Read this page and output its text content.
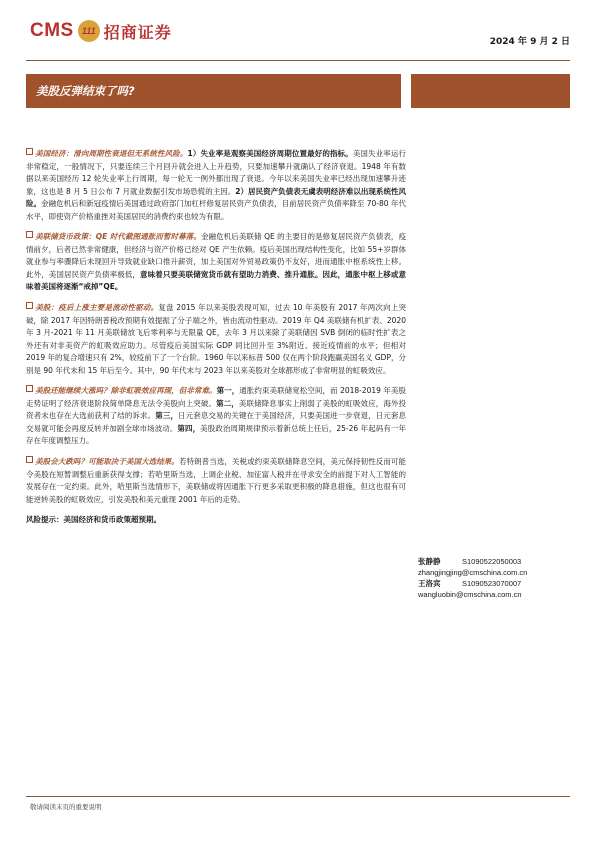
CMS 111 招商证券
2024 年 9 月 2 日
美股反弹结束了吗?

美国经济：滑向周期性衰退但无系统性风险。1）失业率是观察美国经济周期位置最好的指标。美国失业率运行非常稳定，一般情况下，只要连续三个月回升就会进入上升趋势，只要加速攀升就确认了经济衰退。1948 年有数据以来美国经历 12 轮失业率上行周期，每一轮无一例外都出现了衰退。今年以来美国失业率已经出现加速攀升迹象，这也是 8 月 5 日公布 7 月就业数据引发市场恐慌的主因。2）居民资产负债表无虞表明经济难以出现系统性风险。金融危机后和新冠疫情后美国通过政府部门加杠杆修复居民资产负债表，目前居民资产负债率降至 70-80 年代水平，即使资产价格重挫对美国居民的消费约束也较为有限。

美联储货币政策：QE 时代截图通胀而暂时幕落。金融危机后美联储 QE 的主要目的是修复居民资产负债表，疫情前夕，后者已然非常健康，但经济与资产价格已经对 QE 产生依赖。疫后美国出现结构性变化，比如 55+岁群体就业参与率骤降后未现回升导致就业缺口推升薪资，加上美国对外贸易政策仍不友好，进而通胀中枢系统性上移。此外，美国居民资产负债率极低，意味着只要美联储宽货币就有望助力消费、推升通胀。因此，通胀中枢上移或意味着美国将逐渐“戒掉”QE。

美股：疫后上涨主要是流动性驱动。复盘 2015 年以来美股表现可知，过去 10 年美股有 2017 年两次向上突破，除 2017 年因特朗普税改预期有效提振了分子端之外，皆由流动性驱动。2019 年 Q4 美联储有机扩表、2020 年 3 月-2021 年 11 月美联储放飞后零利率与无限量 QE，去年 3 月以来除了美联储因 SVB 倒闭的临时性扩表之外还有对非美资产的虹吸效应助力。尽管疫后美国实际 GDP 同比回升至 3%附近、接近疫情前的水平；但相对 2019 年的复合增速只有 2%，较疫前下了一个台阶。1960 年以来标普 500 仅在两个阶段跑赢美国名义 GDP，分别是 90 年代末和 15 年后至今。其中，90 年代末与 2023 年以来美股对全球都形成了非常明显的虹吸效应。

美股还能继续大涨吗？除非虹吸效应再现，但非常难。第一，通胀约束美联储宽松空间，而 2018-2019 年美股走势证明了经济衰退阶段简单降息无法令美股向上突破。第二，美联储降息事实上削弱了美股的虹吸效应，海外投资者未也存在大选前获利了结的诉求。第三，日元套息交易的关键在于美国经济，只要美国进一步衰退，日元套息交易就可能会再度反转并加剧全球市场波动。第四，美股政治周期规律预示着新总统上任后，25-26 年起码有一年存在年度调整压力。

美股会大跌吗？可能取决于美国大选结果。若特朗普当选，关税或约束美联储降息空间，美元保持韧性反而可能令美股在短暂调整后重新获得支撑；若哈里斯当选，上调企业税、加征富人税并在寻求安全的前提下对人工智能的发展存在一定约束。此外，哈里斯当选情形下，美联储或将因通胀下行更多采取更积极的降息措施，但这也很有可能逆转美股的虹吸效应，引发美股和美元重现 2001 年后的走势。

风险提示：美国经济和货币政策超预期。

张静静	S1090522050003
zhangjingjing@cmschina.com.cn
王洛宾	S1090523070007
wangluobin@cmschina.com.cn
敬请阅读末页的重要说明
